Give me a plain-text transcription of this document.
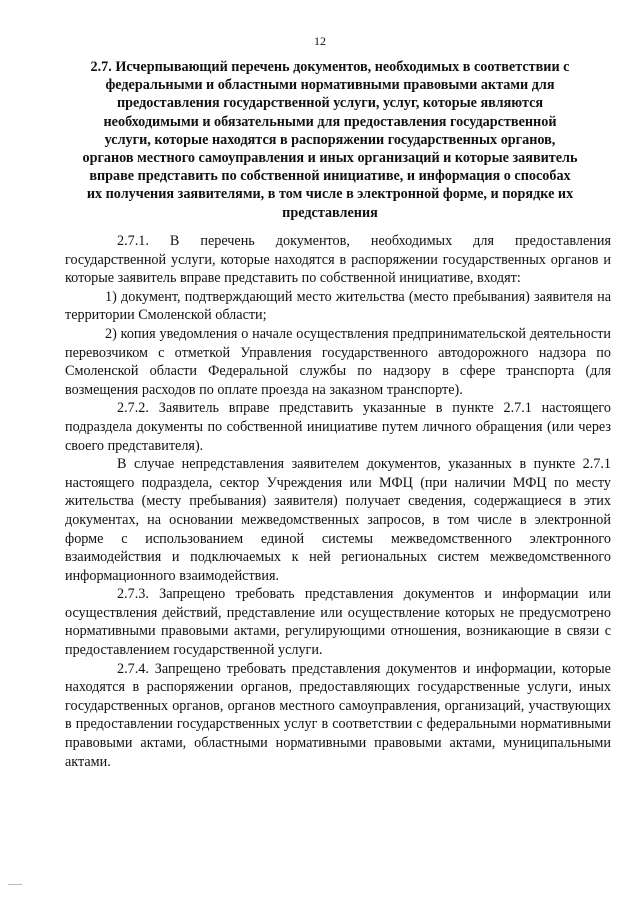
12
2.7. Исчерпывающий перечень документов, необходимых в соответствии с федеральными и областными нормативными правовыми актами для предоставления государственной услуги, услуг, которые являются необходимыми и обязательными для предоставления государственной услуги, которые находятся в распоряжении государственных органов, органов местного самоуправления и иных организаций и которые заявитель вправе представить по собственной инициативе, и информация о способах их получения заявителями, в том числе в электронной форме, и порядке их представления

2.7.1. В перечень документов, необходимых для предоставления государственной услуги, которые находятся в распоряжении государственных органов и которые заявитель вправе представить по собственной инициативе, входят:

1) документ, подтверждающий место жительства (место пребывания) заявителя на территории Смоленской области;

2) копия уведомления о начале осуществления предпринимательской деятельности перевозчиком с отметкой Управления государственного автодорожного надзора по Смоленской области Федеральной службы по надзору в сфере транспорта (для возмещения расходов по оплате проезда на заказном транспорте).

2.7.2. Заявитель вправе представить указанные в пункте 2.7.1 настоящего подраздела документы по собственной инициативе путем личного обращения (или через своего представителя).

В случае непредставления заявителем документов, указанных в пункте 2.7.1 настоящего подраздела, сектор Учреждения или МФЦ (при наличии МФЦ по месту жительства (месту пребывания) заявителя) получает сведения, содержащиеся в этих документах, на основании межведомственных запросов, в том числе в электронной форме с использованием единой системы межведомственного электронного взаимодействия и подключаемых к ней региональных систем межведомственного информационного взаимодействия.

2.7.3. Запрещено требовать представления документов и информации или осуществления действий, представление или осуществление которых не предусмотрено нормативными правовыми актами, регулирующими отношения, возникающие в связи с предоставлением государственной услуги.

2.7.4. Запрещено требовать представления документов и информации, которые находятся в распоряжении органов, предоставляющих государственные услуги, иных государственных органов, органов местного самоуправления, организаций, участвующих в предоставлении государственных услуг в соответствии с федеральными нормативными правовыми актами, областными нормативными правовыми актами, муниципальными актами.
